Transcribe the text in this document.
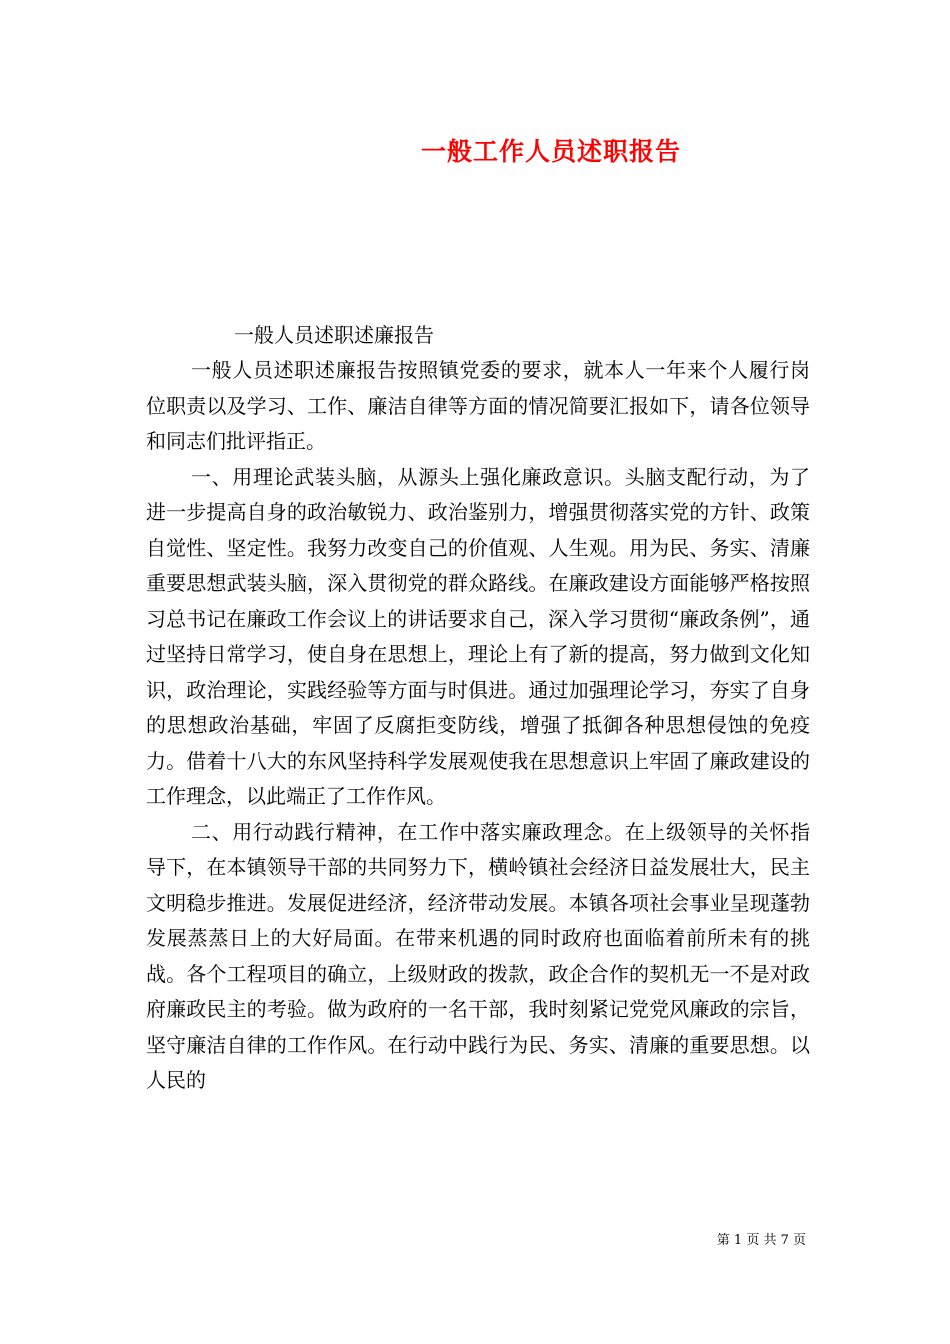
一般工作人员述职报告

一般人员述职述廉报告

一般人员述职述廉报告按照镇党委的要求，就本人一年来个人履行岗位职责以及学习、工作、廉洁自律等方面的情况简要汇报如下，请各位领导和同志们批评指正。

一、用理论武装头脑，从源头上强化廉政意识。头脑支配行动，为了进一步提高自身的政治敏锐力、政治鉴别力，增强贯彻落实党的方针、政策自觉性、坚定性。我努力改变自己的价值观、人生观。用为民、务实、清廉重要思想武装头脑，深入贯彻党的群众路线。在廉政建设方面能够严格按照习总书记在廉政工作会议上的讲话要求自己，深入学习贯彻“廉政条例”，通过坚持日常学习，使自身在思想上，理论上有了新的提高，努力做到文化知识，政治理论，实践经验等方面与时俱进。通过加强理论学习，夯实了自身的思想政治基础，牢固了反腐拒变防线，增强了抵御各种思想侵蚀的免疫力。借着十八大的东风坚持科学发展观使我在思想意识上牢固了廉政建设的工作理念，以此端正了工作作风。

二、用行动践行精神，在工作中落实廉政理念。在上级领导的关怀指导下，在本镇领导干部的共同努力下，横岭镇社会经济日益发展壮大，民主文明稳步推进。发展促进经济，经济带动发展。本镇各项社会事业呈现蓬勃发展蒸蒸日上的大好局面。在带来机遇的同时政府也面临着前所未有的挑战。各个工程项目的确立，上级财政的拨款，政企合作的契机无一不是对政府廉政民主的考验。做为政府的一名干部，我时刻紧记党党风廉政的宗旨，坚守廉洁自律的工作作风。在行动中践行为民、务实、清廉的重要思想。以人民的

第 1 页 共 7 页
